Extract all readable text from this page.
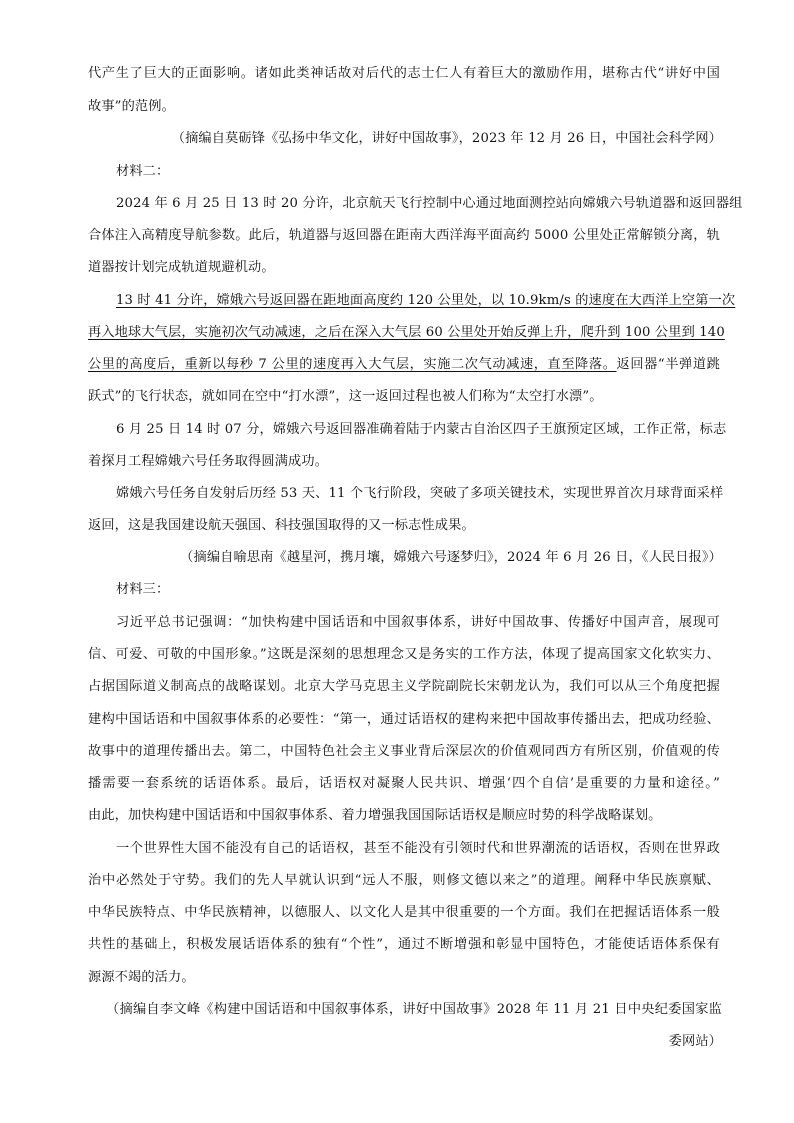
代产生了巨大的正面影响。诸如此类神话故对后代的志士仁人有着巨大的激励作用，堪称古代“讲好中国
故事”的范例。
（摘编自莫砺锋《弘扬中华文化，讲好中国故事》，2023 年 12 月 26 日，中国社会科学网）
材料二：
2024 年 6 月 25 日 13 时 20 分许，北京航天飞行控制中心通过地面测控站向嫦娥六号轨道器和返回器组
合体注入高精度导航参数。此后，轨道器与返回器在距南大西洋海平面高约 5000 公里处正常解锁分离，轨
道器按计划完成轨道规避机动。
13 时 41 分许，嫦娥六号返回器在距地面高度约 120 公里处，以 10.9km/s 的速度在大西洋上空第一次
再入地球大气层，实施初次气动减速，之后在深入大气层 60 公里处开始反弹上升，爬升到 100 公里到 140
公里的高度后，重新以每秒 7 公里的速度再入大气层，实施二次气动减速，直至降落。返回器“半弹道跳
跃式”的飞行状态，就如同在空中“打水漂”，这一返回过程也被人们称为“太空打水漂”。
6 月 25 日 14 时 07 分，嫦娥六号返回器准确着陆于内蒙古自治区四子王旗预定区域，工作正常，标志
着探月工程嫦娥六号任务取得圆满成功。
嫦娥六号任务自发射后历经 53 天、11 个飞行阶段，突破了多项关键技术，实现世界首次月球背面采样
返回，这是我国建设航天强国、科技强国取得的又一标志性成果。
（摘编自喻思南《越星河，携月壤，嫦娥六号逐梦归》，2024 年 6 月 26 日，《人民日报》）
材料三：
习近平总书记强调：“加快构建中国话语和中国叙事体系，讲好中国故事、传播好中国声音，展现可
信、可爱、可敬的中国形象。”这既是深刻的思想理念又是务实的工作方法，体现了提高国家文化软实力、
占据国际道义制高点的战略谋划。北京大学马克思主义学院副院长宋朝龙认为，我们可以从三个角度把握
建构中国话语和中国叙事体系的必要性：“第一，通过话语权的建构来把中国故事传播出去，把成功经验、
故事中的道理传播出去。第二，中国特色社会主义事业背后深层次的价值观同西方有所区别，价值观的传
播需要一套系统的话语体系。最后，话语权对凝聚人民共识、增强‘四个自信’是重要的力量和途径。”
由此，加快构建中国话语和中国叙事体系、着力增强我国国际话语权是顺应时势的科学战略谋划。
一个世界性大国不能没有自己的话语权，甚至不能没有引领时代和世界潮流的话语权，否则在世界政
治中必然处于守势。我们的先人早就认识到“远人不服，则修文德以来之”的道理。阐释中华民族禀赋、
中华民族特点、中华民族精神，以德服人、以文化人是其中很重要的一个方面。我们在把握话语体系一般
共性的基础上，积极发展话语体系的独有“个性”，通过不断增强和彰显中国特色，才能使话语体系保有
源源不竭的活力。
（摘编自李文峰《构建中国话语和中国叙事体系，讲好中国故事》2028 年 11 月 21 日中央纪委国家监
委网站）
